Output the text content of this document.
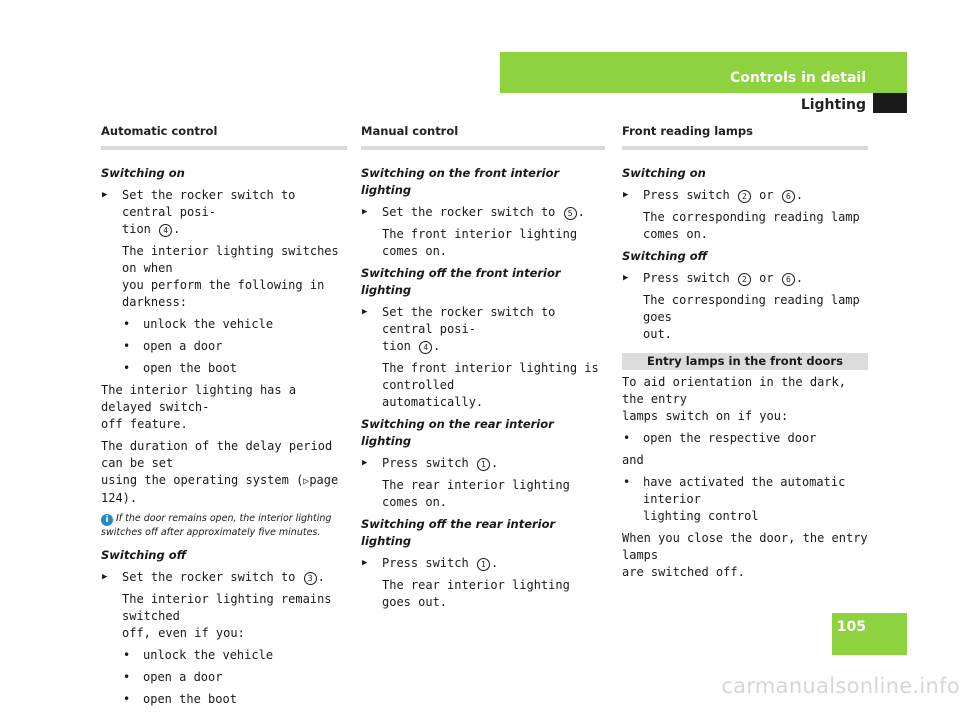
Controls in detail
Lighting
Automatic control
Switching on
▶ Set the rocker switch to central posi-
tion 4 .
The interior lighting switches on when
you perform the following in darkness:
• unlock the vehicle
• open a door
• open the boot
The interior lighting has a delayed switch-
off feature.
The duration of the delay period can be set
using the operating system (▷page 124).
i If the door remains open, the interior lighting
switches off after approximately five minutes.
Switching off
▶ Set the rocker switch to 3 .
The interior lighting remains switched
off, even if you:
• unlock the vehicle
• open a door
• open the boot
Manual control
Switching on the front interior lighting
▶ Set the rocker switch to 5 .
The front interior lighting comes on.
Switching off the front interior lighting
▶ Set the rocker switch to central posi-
tion 4 .
The front interior lighting is controlled
automatically.
Switching on the rear interior lighting
▶ Press switch 1 .
The rear interior lighting comes on.
Switching off the rear interior lighting
▶ Press switch 1 .
The rear interior lighting goes out.
Front reading lamps
Switching on
▶ Press switch 2 or 6 .
The corresponding reading lamp
comes on.
Switching off
▶ Press switch 2 or 6 .
The corresponding reading lamp goes
out.
Entry lamps in the front doors
To aid orientation in the dark, the entry
lamps switch on if you:
• open the respective door
and
• have activated the automatic interior
lighting control
When you close the door, the entry lamps
are switched off.
105
carmanualsonline.info
